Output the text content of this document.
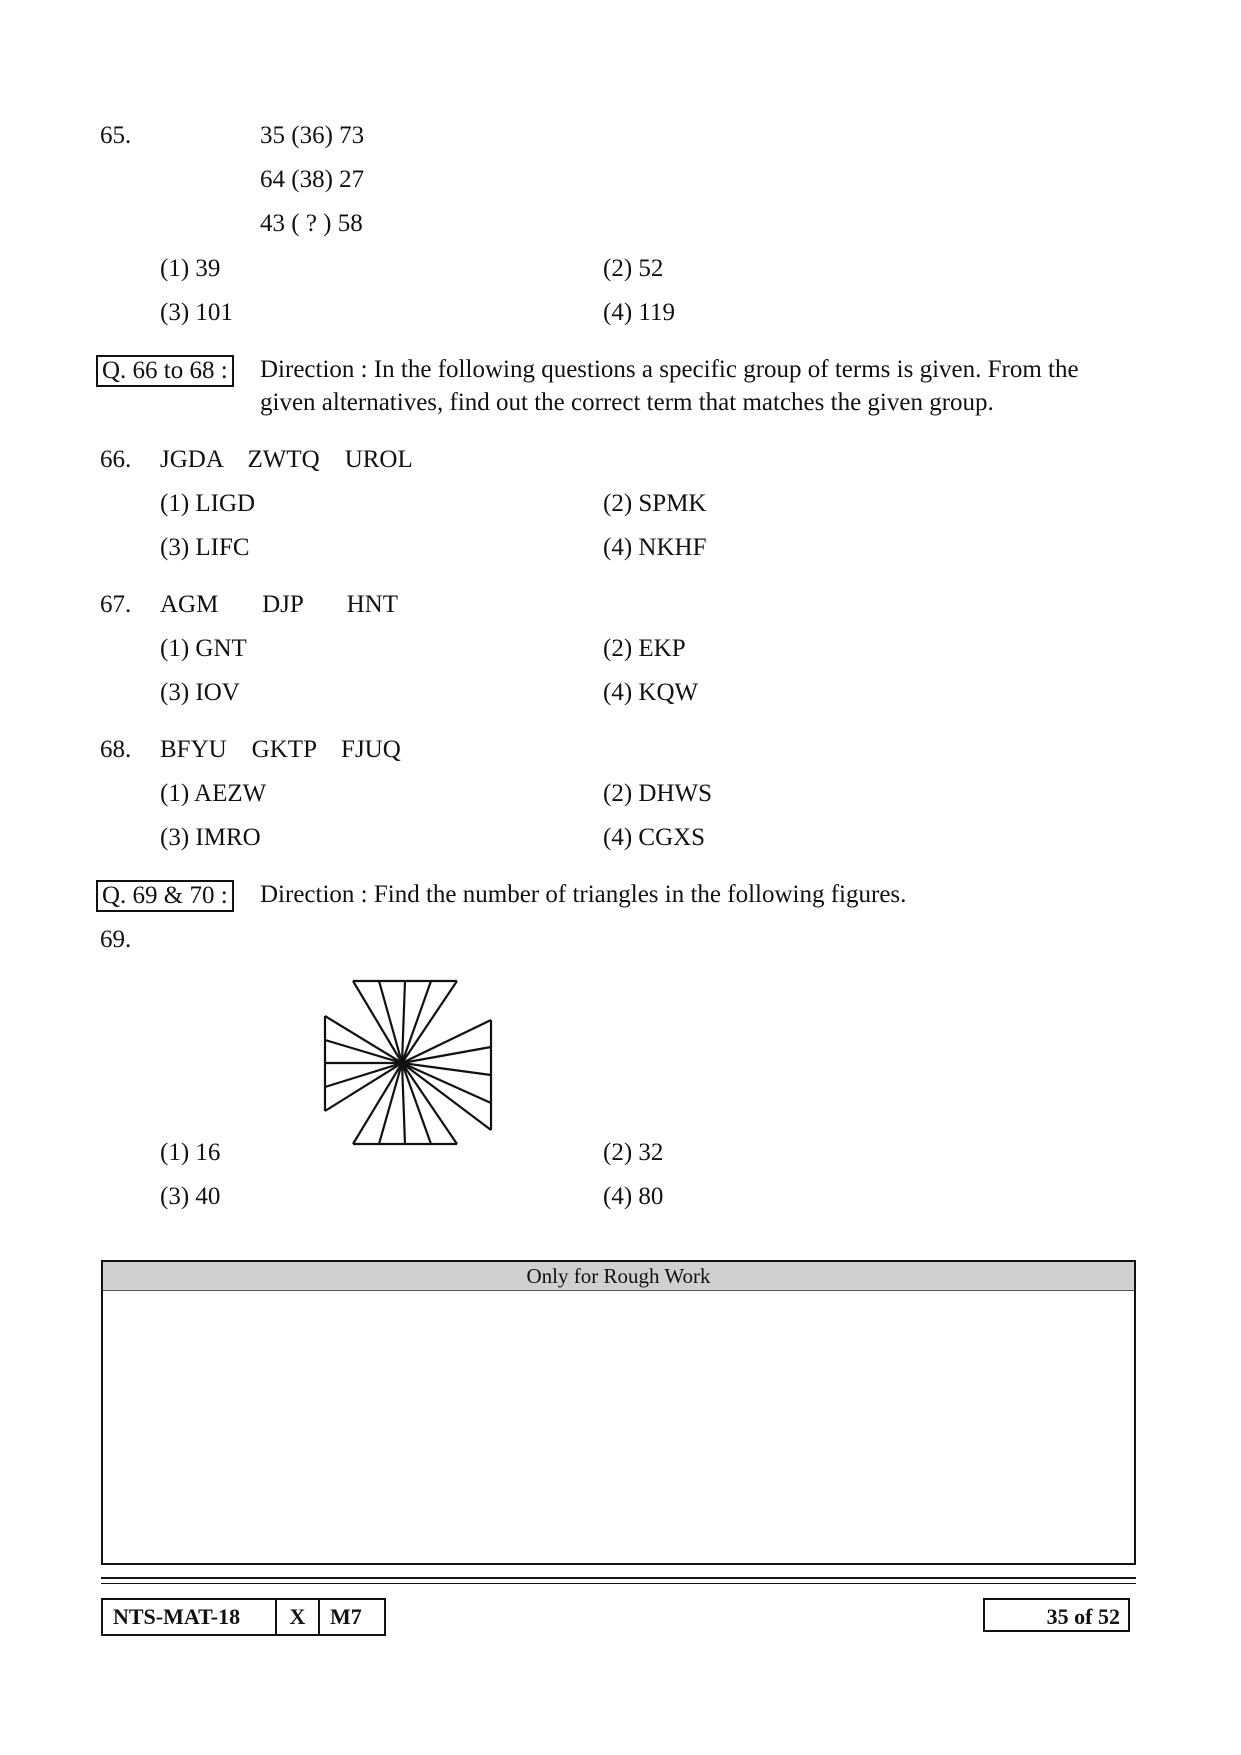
65.	35 (36) 73
64 (38) 27
43 ( ? ) 58
(1) 39	(2) 52
(3) 101	(4) 119
Q. 66 to 68 : Direction : In the following questions a specific group of terms is given. From the
given alternatives, find out the correct term that matches the given group.
66. JGDA    ZWTQ    UROL
(1) LIGD	(2) SPMK
(3) LIFC	(4) NKHF
67. AGM       DJP       HNT
(1) GNT	(2) EKP
(3) IOV	(4) KQW
68. BFYU    GKTP    FJUQ
(1) AEZW	(2) DHWS
(3) IMRO	(4) CGXS
Q. 69 & 70 : Direction : Find the number of triangles in the following figures.
69.
(1) 16	(2) 32
(3) 40	(4) 80
Only for Rough Work
NTS-MAT-18	X	M7	35 of 52
